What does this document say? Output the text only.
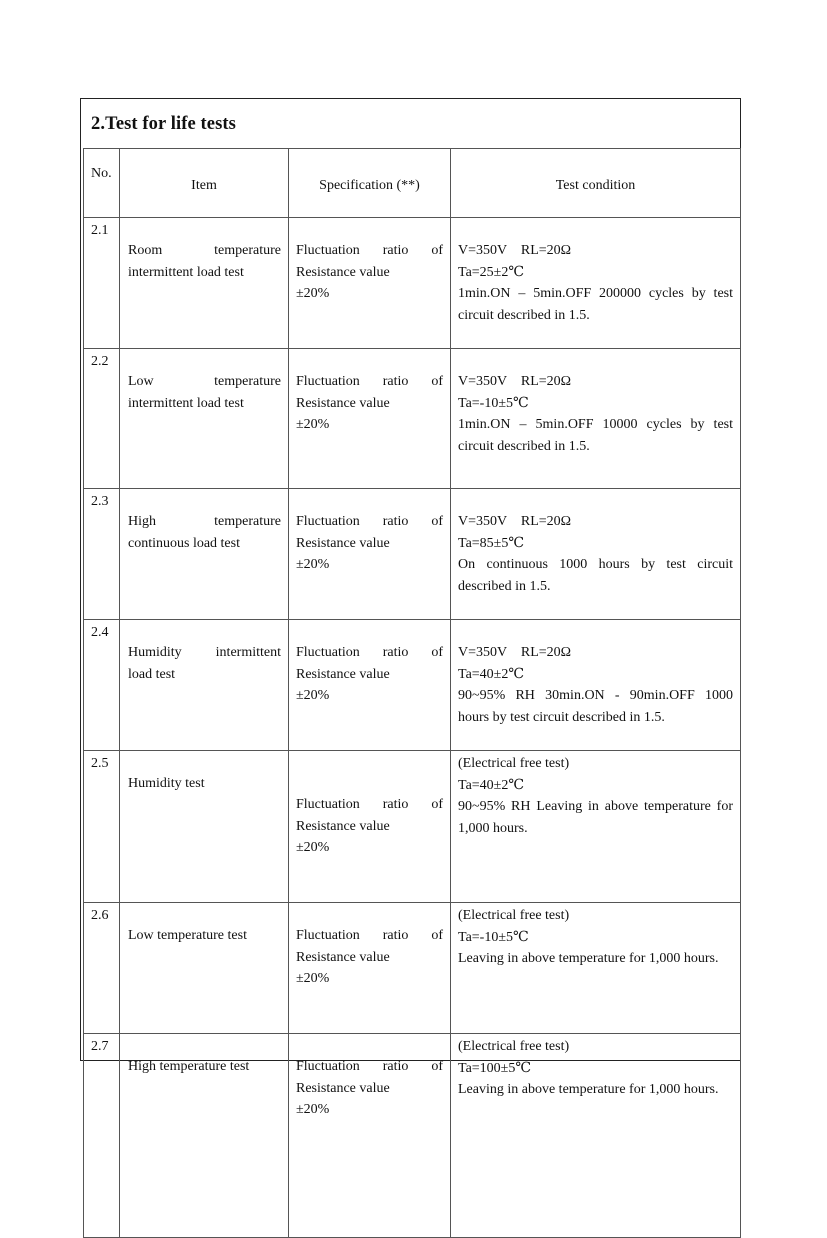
2.Test for life tests
No.	Item	Specification (**)	Test condition
2.1	Room temperature
intermittent load test	Fluctuation ratio of
Resistance value
±20%	V=350V　RL=20Ω
Ta=25±2℃
1min.ON – 5min.OFF 200000 cycles by test
circuit described in 1.5.

2.2	Low temperature
intermittent load test	Fluctuation ratio of
Resistance value
±20%	V=350V　RL=20Ω
Ta=-10±5℃
1min.ON – 5min.OFF 10000 cycles by test
circuit described in 1.5.

2.3	High temperature
continuous load test	Fluctuation ratio of
Resistance value
±20%	V=350V　RL=20Ω
Ta=85±5℃
On continuous 1000 hours by test circuit
described in 1.5.

2.4	Humidity intermittent
load test	Fluctuation ratio of
Resistance value
±20%	V=350V　RL=20Ω
Ta=40±2℃
90~95% RH 30min.ON - 90min.OFF 1000
hours by test circuit described in 1.5.

2.5	Humidity test	Fluctuation ratio of
Resistance value
±20%	(Electrical free test)
Ta=40±2℃
90~95% RH Leaving in above temperature for
1,000 hours.

2.6	Low temperature test	Fluctuation ratio of
Resistance value
±20%	(Electrical free test)
Ta=-10±5℃
Leaving in above temperature for 1,000 hours.

2.7	High temperature test	Fluctuation ratio of
Resistance value
±20%	(Electrical free test)
Ta=100±5℃
Leaving in above temperature for 1,000 hours.
